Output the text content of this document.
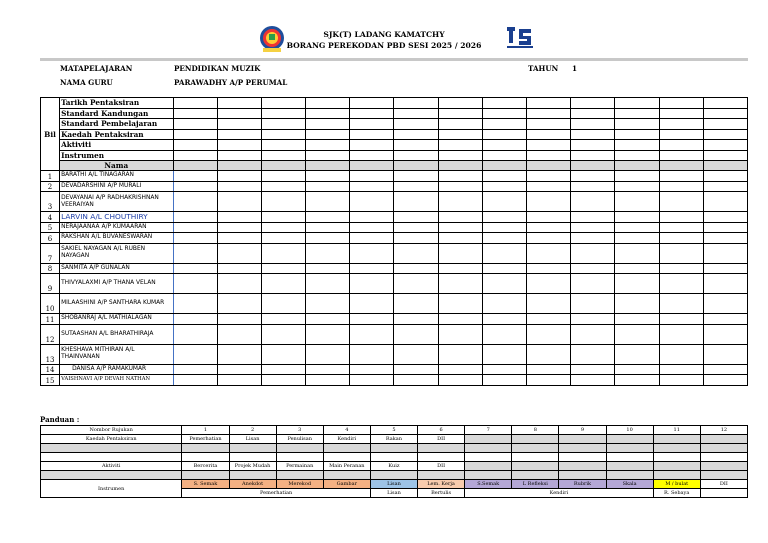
SJK(T) LADANG KAMATCHY
BORANG PEREKODAN PBD SESI 2025 / 2026
MATAPELAJARAN	PENDIDIKAN MUZIK	TAHUN 1
NAMA GURU	PARAWADHY A/P PERUMAL
Bil	Tarikh Pentaksiran													
	Standard Kandungan													
	Standard Pembelajaran													
	Kaedah Pentaksiran													
	Aktiviti													
	Instrumen													
	Nama													
1	BARATHI A/L TINAGARAN													
2	DEVADARSHINI A/P MURALI													
3	DEVAYANAI A/P RADHAKRISHNAN VEERAIYAN													
4	LARVIN A/L CHOUTHIRY													
5	NERAJAANAA A/P KUMAARAN													
6	RAKSHAN A/L BUVANESWARAN													
7	SAKIEL NAYAGAN A/L RUBEN NAYAGAN													
8	SANMITA A/P GUNALAN													
9	THIVYALAXMI A/P THANA VELAN													
10	MILAASHINI A/P SANTHARA KUMAR													
11	SHOBANRAJ A/L MATHIALAGAN													
12	SUTAASHAN A/L BHARATHIRAJA													
13	KHESHAVA MITHIRAN A/L THAINVANAN													
14	DANISA A/P RAMAKUMAR													
15	VAISHNAVI A/P DEVAH NATHAN													
Panduan :
Nombor Rujukan	1	2	3	4	5	6	7	8	9	10	11	12
Kaedah Pentaksiran	Pemerhatian	Lisan	Penulisan	Kendiri	Rakan	DII						

Aktiviti	Bercerita	Projek Mudah	Permainan	Main Peranan	Kuiz	DII						

Instrumen	S. Semak	Anekdot	Merekod	Gambar	Lisan	Lem. Kerja	S.Semak	L Refleksi	Rubrik	Skala	M / bulat	DII
	Pemerhatian				Lisan	Bertulis	Kendiri				R. Sebaya	
